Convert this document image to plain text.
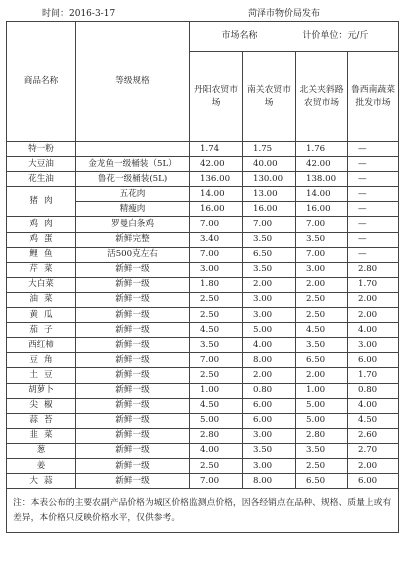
时间：2016-3-17	菏泽市物价局发布
商品名称	等级规格	市场名称 计价单位：元/斤			
		丹阳农贸市场	南关农贸市场	北关夹斜路农贸市场	鲁西南蔬菜批发市场
特一粉		1.74	1.75	1.76	—
大豆油	金龙鱼一级桶装（5L）	42.00	40.00	42.00	—
花生油	鲁花一级桶装(5L)	136.00	130.00	138.00	—
猪肉	五花肉	14.00	13.00	14.00	—
	精瘦肉	16.00	16.00	16.00	—
鸡肉	罗曼白条鸡	7.00	7.00	7.00	—
鸡蛋	新鲜完整	3.40	3.50	3.50	—
鲤鱼	活500克左右	7.00	6.50	7.00	—
芹菜	新鲜一级	3.00	3.50	3.00	2.80
大白菜	新鲜一级	1.80	2.00	2.00	1.70
油菜	新鲜一级	2.50	3.00	2.50	2.00
黄瓜	新鲜一级	2.50	3.00	2.50	2.00
茄子	新鲜一级	4.50	5.00	4.50	4.00
西红柿	新鲜一级	3.50	4.00	3.50	3.00
豆角	新鲜一级	7.00	8.00	6.50	6.00
土豆	新鲜一级	2.50	2.00	2.00	1.70
胡萝卜	新鲜一级	1.00	0.80	1.00	0.80
尖椒	新鲜一级	4.50	6.00	5.00	4.00
蒜苔	新鲜一级	5.00	6.00	5.00	4.50
韭菜	新鲜一级	2.80	3.00	2.80	2.60
葱	新鲜一级	4.00	3.50	3.50	2.70
姜	新鲜一级	2.50	3.00	2.50	2.00
大蒜	新鲜一级	7.00	8.00	6.50	6.00
注：本表公布的主要农副产品价格为城区价格监测点价格，因各经销点在品种、规格、质量上或有差异，本价格只反映价格水平，仅供参考。					
